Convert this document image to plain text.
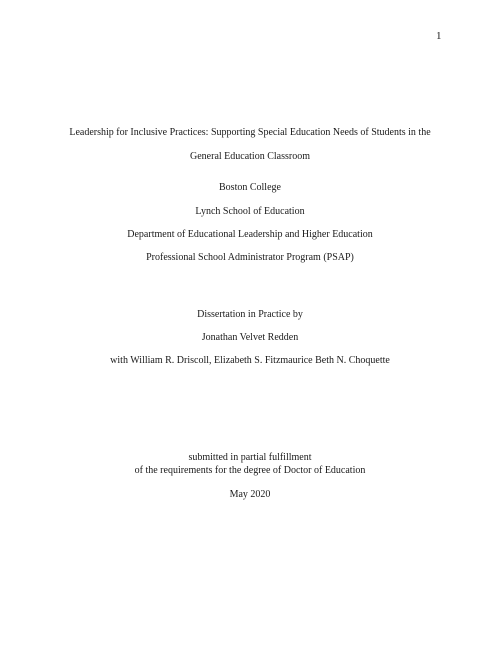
1
Leadership for Inclusive Practices: Supporting Special Education Needs of Students in the
General Education Classroom
Boston College
Lynch School of Education
Department of Educational Leadership and Higher Education
Professional School Administrator Program (PSAP)
Dissertation in Practice by
Jonathan Velvet Redden
with William R. Driscoll, Elizabeth S. Fitzmaurice Beth N. Choquette
submitted in partial fulfillment
of the requirements for the degree of Doctor of Education
May 2020
